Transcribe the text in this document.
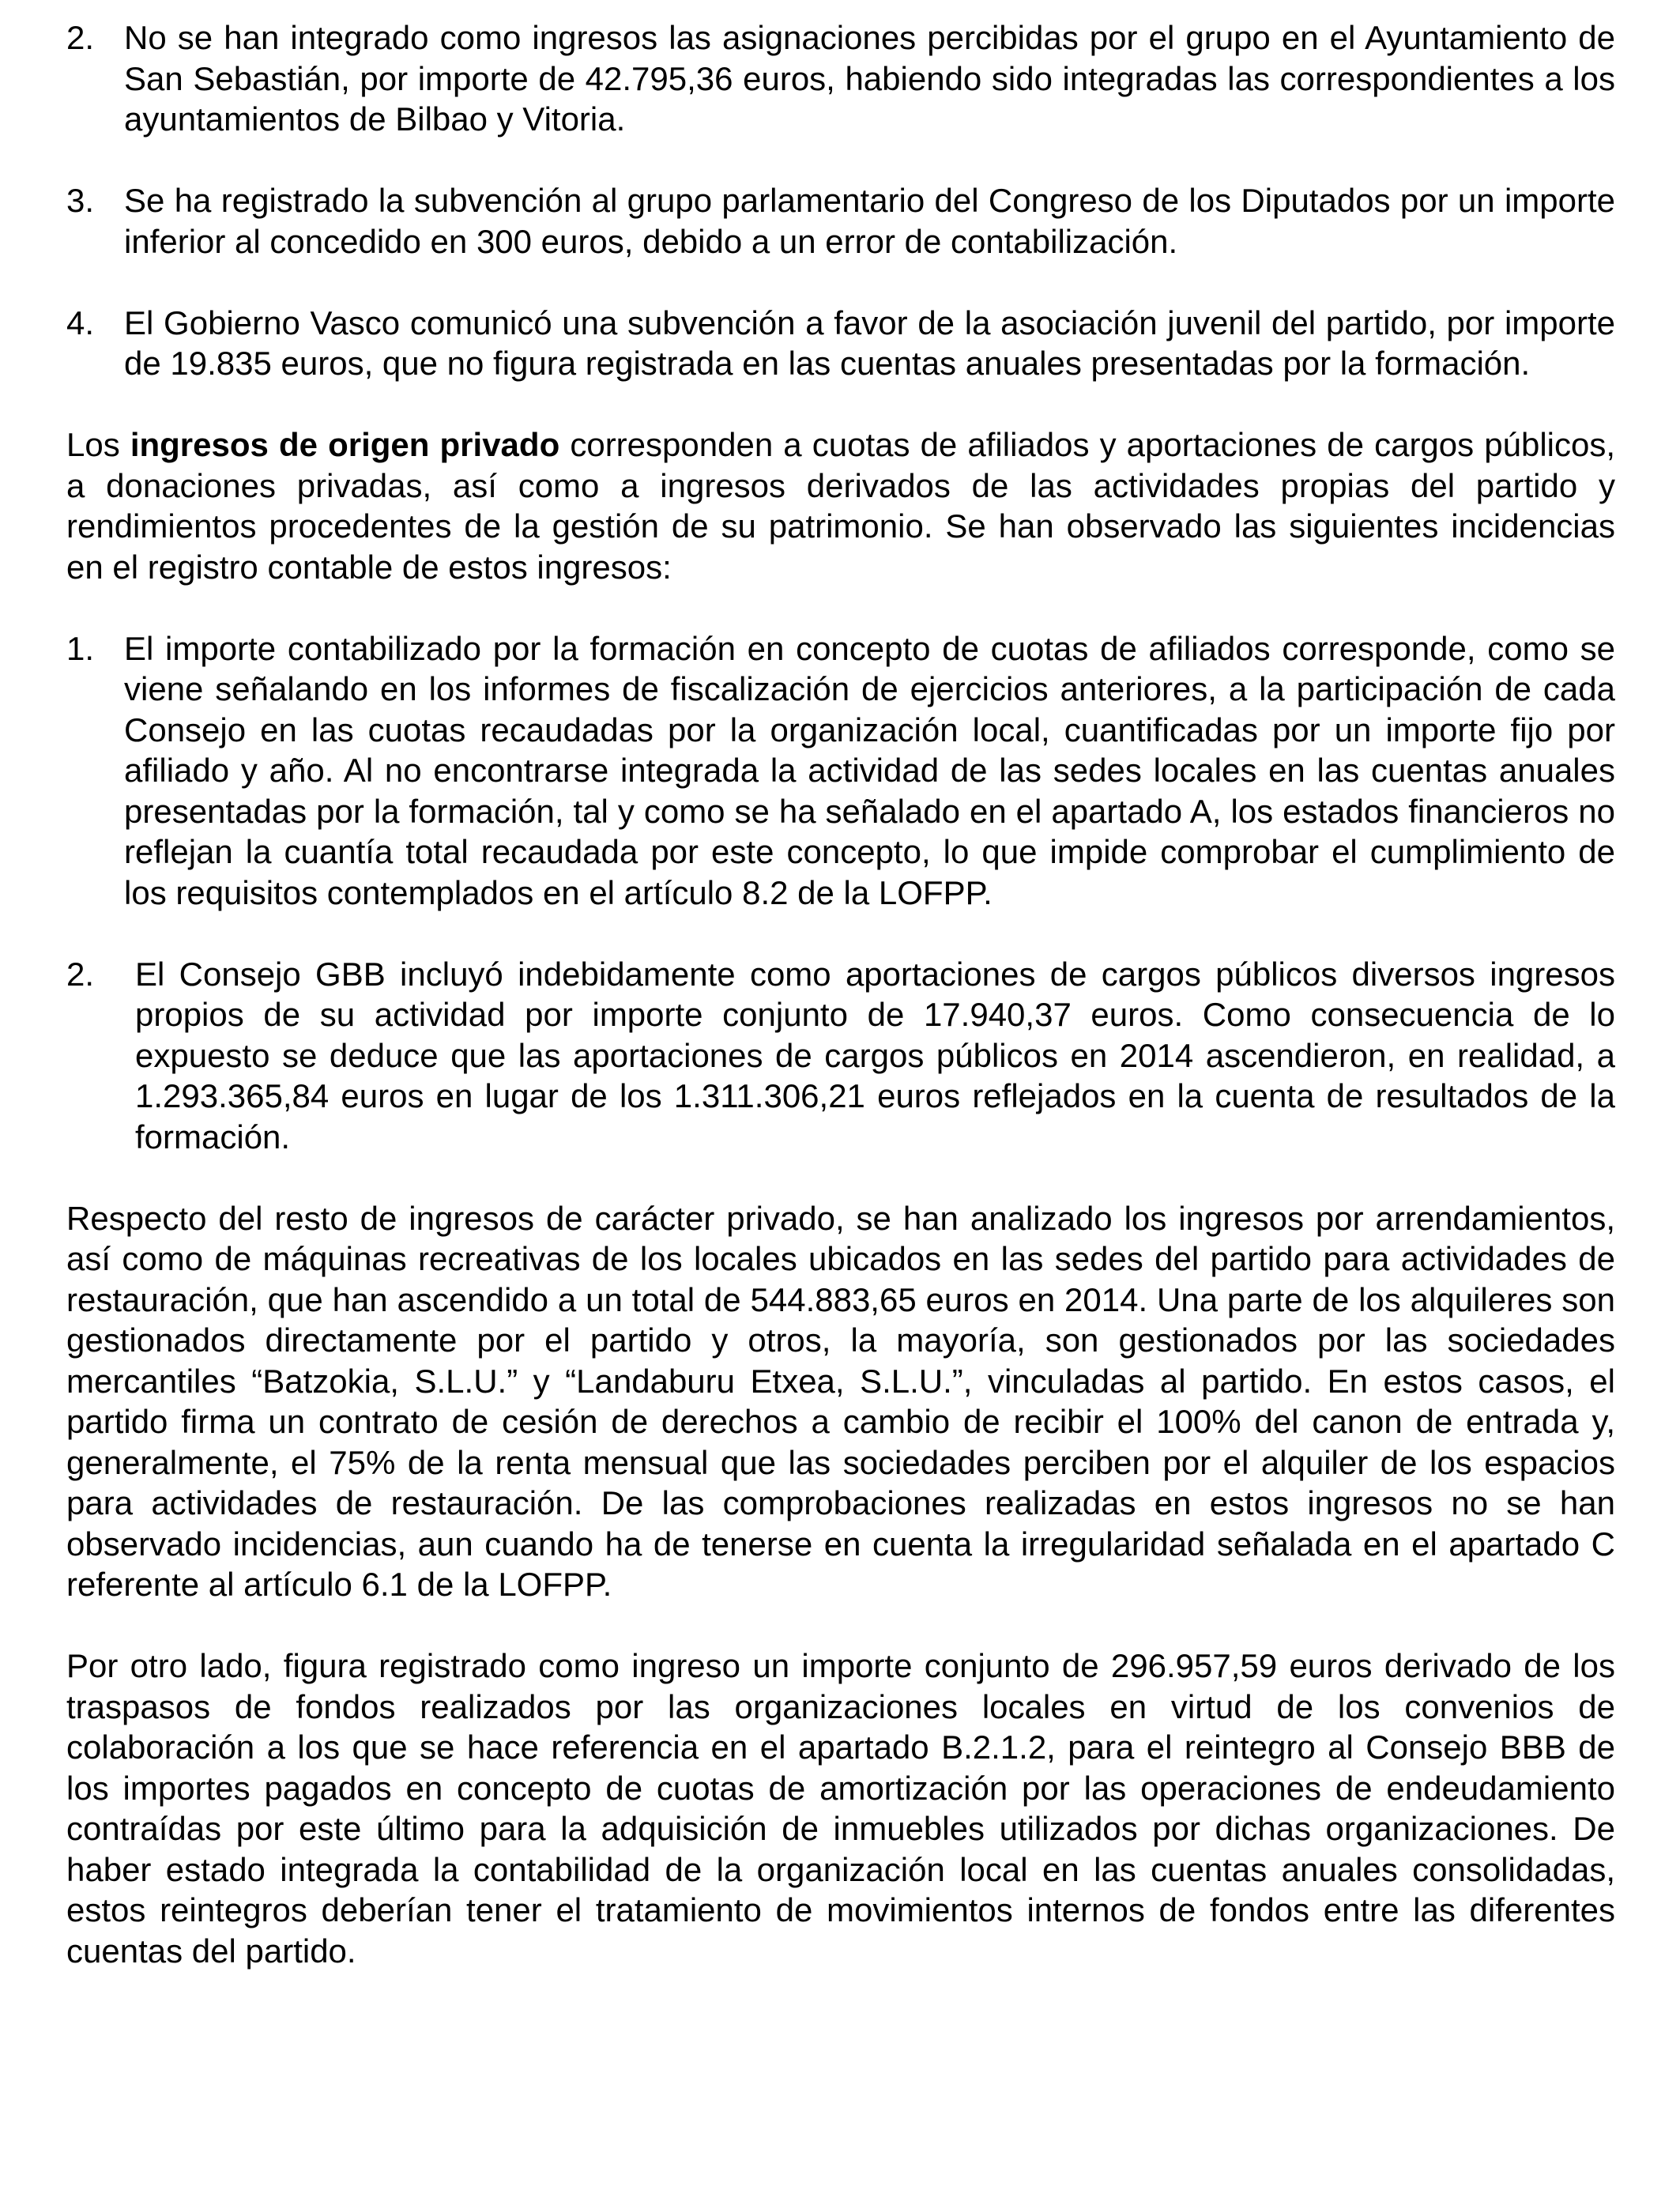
2. No se han integrado como ingresos las asignaciones percibidas por el grupo en el Ayuntamiento de San Sebastián, por importe de 42.795,36 euros, habiendo sido integradas las correspondientes a los ayuntamientos de Bilbao y Vitoria.
3. Se ha registrado la subvención al grupo parlamentario del Congreso de los Diputados por un importe inferior al concedido en 300 euros, debido a un error de contabilización.
4. El Gobierno Vasco comunicó una subvención a favor de la asociación juvenil del partido, por importe de 19.835 euros, que no figura registrada en las cuentas anuales presentadas por la formación.

Los ingresos de origen privado corresponden a cuotas de afiliados y aportaciones de cargos públicos, a donaciones privadas, así como a ingresos derivados de las actividades propias del partido y rendimientos procedentes de la gestión de su patrimonio. Se han observado las siguientes incidencias en el registro contable de estos ingresos:

1. El importe contabilizado por la formación en concepto de cuotas de afiliados corresponde, como se viene señalando en los informes de fiscalización de ejercicios anteriores, a la participación de cada Consejo en las cuotas recaudadas por la organización local, cuantificadas por un importe fijo por afiliado y año. Al no encontrarse integrada la actividad de las sedes locales en las cuentas anuales presentadas por la formación, tal y como se ha señalado en el apartado A, los estados financieros no reflejan la cuantía total recaudada por este concepto, lo que impide comprobar el cumplimiento de los requisitos contemplados en el artículo 8.2 de la LOFPP.
2.	El Consejo GBB incluyó indebidamente como aportaciones de cargos públicos diversos ingresos propios de su actividad por importe conjunto de 17.940,37 euros. Como consecuencia de lo expuesto se deduce que las aportaciones de cargos públicos en 2014 ascendieron, en realidad, a 1.293.365,84 euros en lugar de los 1.311.306,21 euros reflejados en la cuenta de resultados de la formación.

Respecto del resto de ingresos de carácter privado, se han analizado los ingresos por arrendamientos, así como de máquinas recreativas de los locales ubicados en las sedes del partido para actividades de restauración, que han ascendido a un total de 544.883,65 euros en 2014. Una parte de los alquileres son gestionados directamente por el partido y otros, la mayoría, son gestionados por las sociedades mercantiles “Batzokia, S.L.U.” y “Landaburu Etxea, S.L.U.”, vinculadas al partido. En estos casos, el partido firma un contrato de cesión de derechos a cambio de recibir el 100% del canon de entrada y, generalmente, el 75% de la renta mensual que las sociedades perciben por el alquiler de los espacios para actividades de restauración. De las comprobaciones realizadas en estos ingresos no se han observado incidencias, aun cuando ha de tenerse en cuenta la irregularidad señalada en el apartado C referente al artículo 6.1 de la LOFPP.

Por otro lado, figura registrado como ingreso un importe conjunto de 296.957,59 euros derivado de los traspasos de fondos realizados por las organizaciones locales en virtud de los convenios de colaboración a los que se hace referencia en el apartado B.2.1.2, para el reintegro al Consejo BBB de los importes pagados en concepto de cuotas de amortización por las operaciones de endeudamiento contraídas por este último para la adquisición de inmuebles utilizados por dichas organizaciones. De haber estado integrada la contabilidad de la organización local en las cuentas anuales consolidadas, estos reintegros deberían tener el tratamiento de movimientos internos de fondos entre las diferentes cuentas del partido.
